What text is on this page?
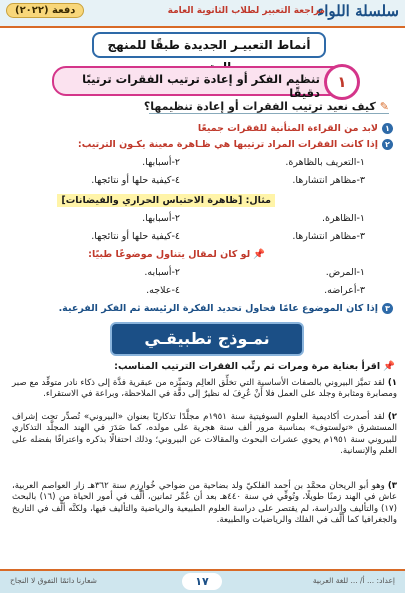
سلسلة اللواء
مراجعة التعبير لطلاب الثانوية العامة
دفعة (٢٠٢٢)
أنماط التعبيـر الجديدة طبقًا للمنهج
١
تنظيم الفكر أو إعادة ترتيب الفقرات ترتيبًا دقيقًا
✎كيف نعيد ترتيب الفقرات أو إعادة تنظيمها؟
١لابد من القراءة المتأنية للفقرات جميعًا
٢إذا كانت الفقرات المراد ترتيبها هي ظـاهرة معينة يكـون الترتيب:
١-التعريف بالظاهرة.
٢-أسبابها.
٣-مظاهر انتشارها.
٤-كيفية حلها أو نتائجها.
مثال: [ظاهرة الاحتباس الحراري والفيضانات]
١-الظاهرة.
٢-أسبابها.
٣-مظاهر انتشارها.
٤-كيفية حلها أو نتائجها.
📌لو كان لمقال يتناول موضوعًا طبيًا:
١-المرض.
٢-أسبابه.
٣-أعراضه.
٤-علاجه.
٣إذا كان الموضوع عامًا فحاول تحديد الفكرة الرئيسة ثم الفكر الفرعية.
نمـوذج تطبيقـي
📌اقرأ بعناية مرة ومرات ثم رتِّب الفقرات الترتيب المناسب:
١)لقد تميَّز البيروني بالصفات الأساسية التي تخلِّق العالِم وتميِّزه من عبقرية فذَّة إلى ذكاء نادر متوقِّد مع صبر ومصابرة ومثابرة وجلد على العمل فلا أَنْ عُرِفَ له نظيرٌ إلى دقَّة في الملاحظة، وبراعة في الاستقراء.
٢)لقد أصدرت أكاديمية العلوم السوفيتية سنة ١٩٥١م مجلَّدًا تذكاريًا بعنوان «البيروني» تُصدِّر تحت إشراف المستشرق «تولستوف» بمناسبة مرور ألف سنة هجرية على مولده، كما صَدَرَ في الهند المجلَّد التذكاري للبيروني سنة ١٩٥١م يحوي عشرات البحوث والمقالات عن البيروني؛ وذلك احتفالًا بذكره واعترافًا بفضله على العلم والإنسانية.
٣)وهو أبو الريحان محمَّد بن أحمد الفلكيّ ولد بضاحية من ضواحي خُوارِزم سنة ٣٦٢هـ زار العواصم العربية، عاش في الهند زمنًا طويلًا، وتُوفِّي في سنة ٤٤٠هـ بعد أن عُمِّر ثمانين، ألَّف في أمور الحياة من (١٦) بالبحث (١٧) والتأليف والدراسة، لم يقتصر على دراسة العلوم الطبيعية والرياضية والتأليف فيها، ولكنَّه ألَّف في التاريخ والجغرافيا كما ألَّف في الفلك والرياضيات والطبيعة.
إعداد: ... أ/ ... للغة العربية
١٧
شعارنا دائمًا التفوق لا النجاح
